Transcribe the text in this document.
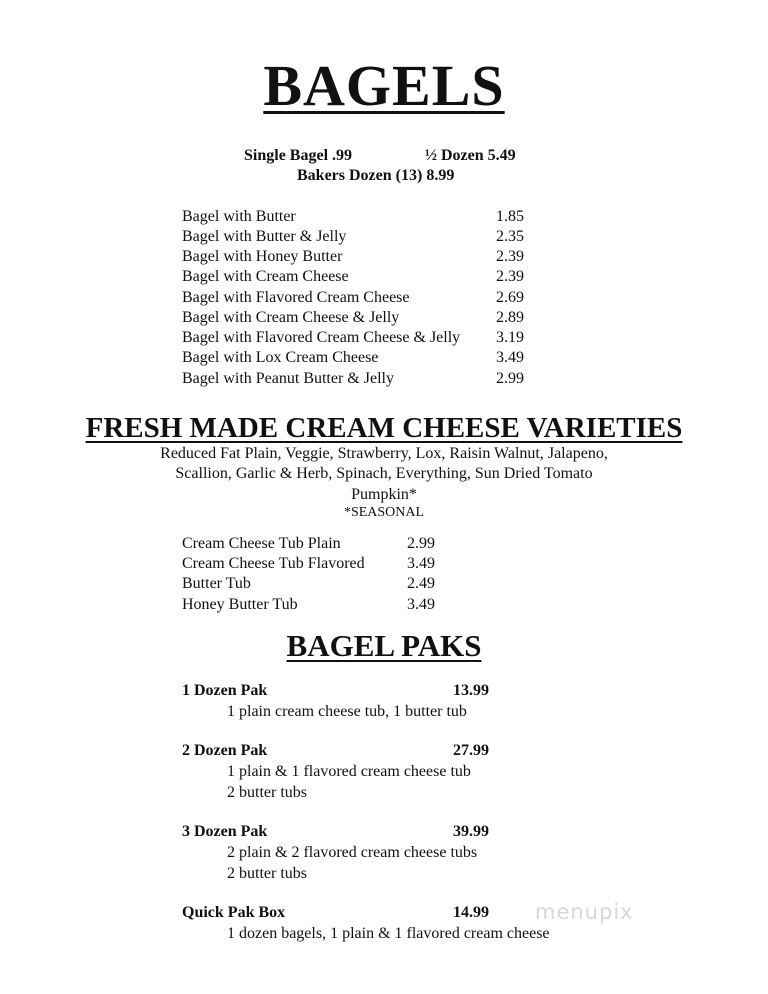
BAGELS
Single Bagel .99	½ Dozen 5.49
Bakers Dozen (13) 8.99
Bagel with Butter	1.85
Bagel with Butter & Jelly	2.35
Bagel with Honey Butter	2.39
Bagel with Cream Cheese	2.39
Bagel with Flavored Cream Cheese	2.69
Bagel with Cream Cheese & Jelly	2.89
Bagel with Flavored Cream Cheese & Jelly 3.19
Bagel with Lox Cream Cheese	3.49
Bagel with Peanut Butter & Jelly	2.99
FRESH MADE CREAM CHEESE VARIETIES
Reduced Fat Plain, Veggie, Strawberry, Lox, Raisin Walnut, Jalapeno,
Scallion, Garlic & Herb, Spinach, Everything, Sun Dried Tomato
Pumpkin*
*SEASONAL
Cream Cheese Tub Plain	2.99
Cream Cheese Tub Flavored	3.49
Butter Tub	2.49
Honey Butter Tub	3.49
BAGEL PAKS
1 Dozen Pak	13.99
1 plain cream cheese tub, 1 butter tub
2 Dozen Pak	27.99
1 plain & 1 flavored cream cheese tub
2 butter tubs
3 Dozen Pak	39.99
2 plain & 2 flavored cream cheese tubs
2 butter tubs
Quick Pak Box	14.99
1 dozen bagels, 1 plain & 1 flavored cream cheese
menupix
